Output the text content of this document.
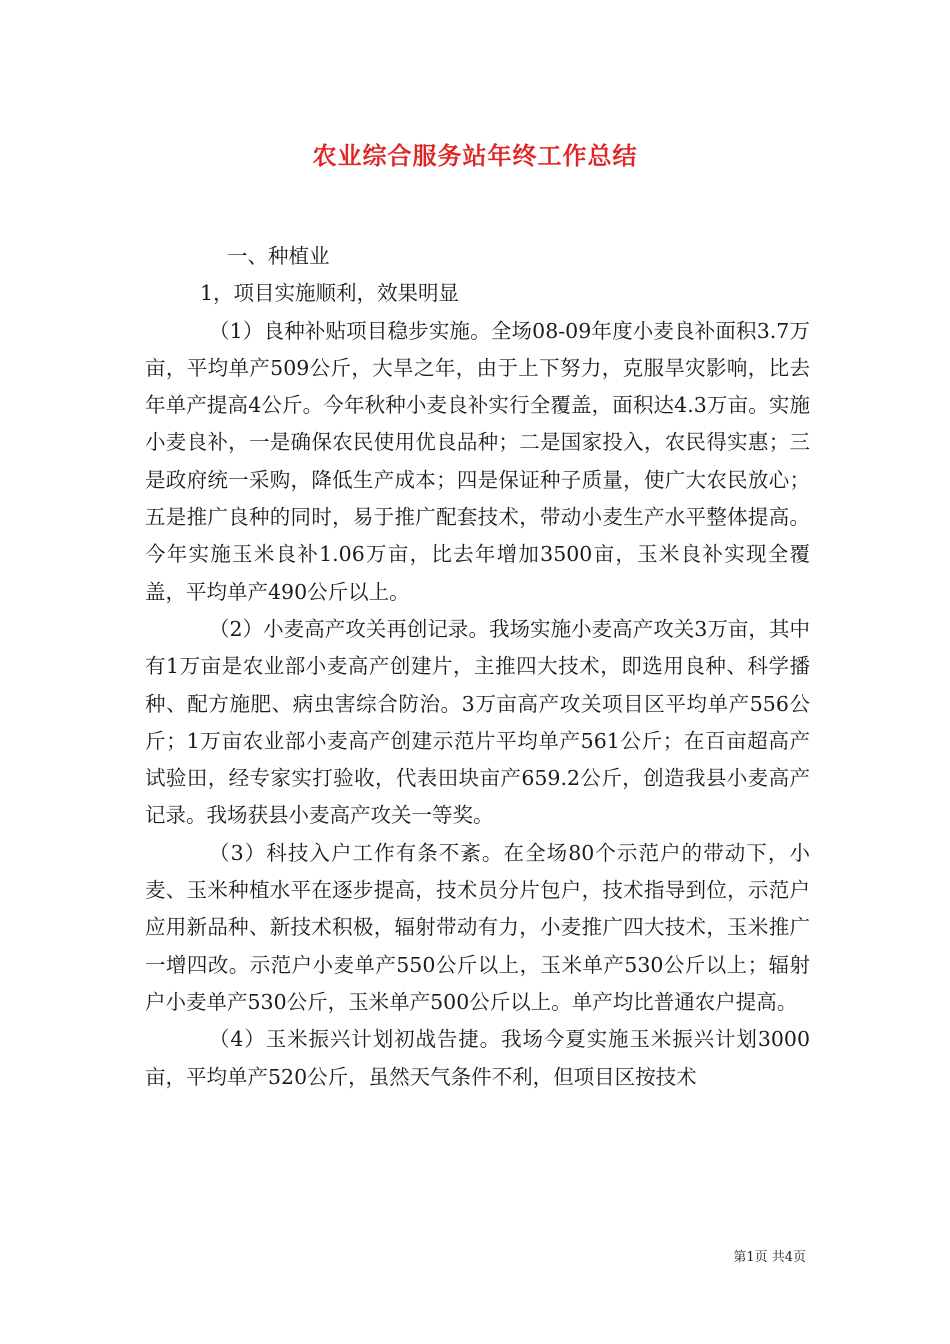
农业综合服务站年终工作总结

一、种植业

1，项目实施顺利，效果明显

（1）良种补贴项目稳步实施。全场08-09年度小麦良补面积3.7万亩，平均单产509公斤，大旱之年，由于上下努力，克服旱灾影响，比去年单产提高4公斤。今年秋种小麦良补实行全覆盖，面积达4.3万亩。实施小麦良补，一是确保农民使用优良品种；二是国家投入，农民得实惠；三是政府统一采购，降低生产成本；四是保证种子质量，使广大农民放心；五是推广良种的同时，易于推广配套技术，带动小麦生产水平整体提高。今年实施玉米良补1.06万亩，比去年增加3500亩，玉米良补实现全覆盖，平均单产490公斤以上。

（2）小麦高产攻关再创记录。我场实施小麦高产攻关3万亩，其中有1万亩是农业部小麦高产创建片，主推四大技术，即选用良种、科学播种、配方施肥、病虫害综合防治。3万亩高产攻关项目区平均单产556公斤；1万亩农业部小麦高产创建示范片平均单产561公斤；在百亩超高产试验田，经专家实打验收，代表田块亩产659.2公斤，创造我县小麦高产记录。我场获县小麦高产攻关一等奖。

（3）科技入户工作有条不紊。在全场80个示范户的带动下，小麦、玉米种植水平在逐步提高，技术员分片包户，技术指导到位，示范户应用新品种、新技术积极，辐射带动有力，小麦推广四大技术，玉米推广一增四改。示范户小麦单产550公斤以上，玉米单产530公斤以上；辐射户小麦单产530公斤，玉米单产500公斤以上。单产均比普通农户提高。

（4）玉米振兴计划初战告捷。我场今夏实施玉米振兴计划3000亩，平均单产520公斤，虽然天气条件不利，但项目区按技术

第1页 共4页
